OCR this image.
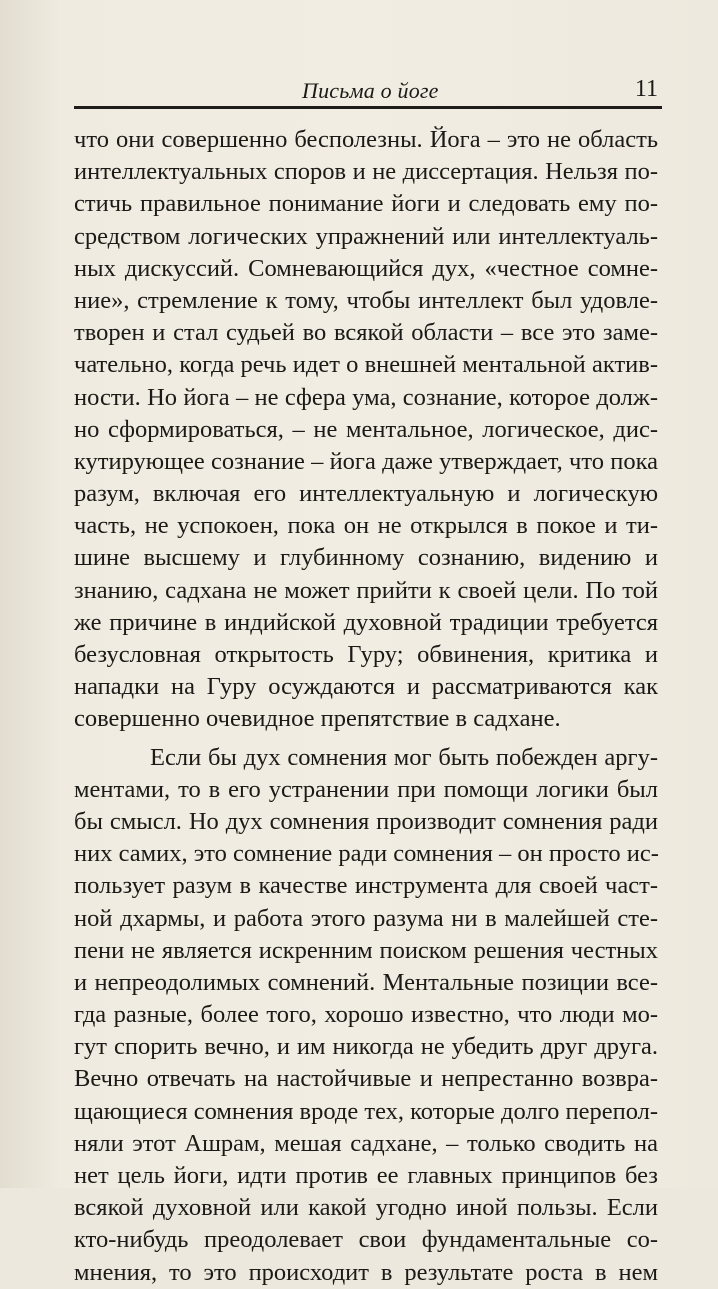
Письма о йоге	11
что они совершенно бесполезны. Йога – это не область
интеллектуальных споров и не диссертация. Нельзя по-
стичь правильное понимание йоги и следовать ему по-
средством логических упражнений или интеллектуаль-
ных дискуссий. Сомневающийся дух, «честное сомне-
ние», стремление к тому, чтобы интеллект был удовле-
творен и стал судьей во всякой области – все это заме-
чательно, когда речь идет о внешней ментальной актив-
ности. Но йога – не сфера ума, сознание, которое долж-
но сформироваться, – не ментальное, логическое, дис-
кутирующее сознание – йога даже утверждает, что пока
разум, включая его интеллектуальную и логическую
часть, не успокоен, пока он не открылся в покое и ти-
шине высшему и глубинному сознанию, видению и
знанию, садхана не может прийти к своей цели. По той
же причине в индийской духовной традиции требуется
безусловная открытость Гуру; обвинения, критика и
нападки на Гуру осуждаются и рассматриваются как
совершенно очевидное препятствие в садхане.
Если бы дух сомнения мог быть побежден аргу-
ментами, то в его устранении при помощи логики был
бы смысл. Но дух сомнения производит сомнения ради
них самих, это сомнение ради сомнения – он просто ис-
пользует разум в качестве инструмента для своей част-
ной дхармы, и работа этого разума ни в малейшей сте-
пени не является искренним поиском решения честных
и непреодолимых сомнений. Ментальные позиции все-
гда разные, более того, хорошо известно, что люди мо-
гут спорить вечно, и им никогда не убедить друг друга.
Вечно отвечать на настойчивые и непрестанно возвра-
щающиеся сомнения вроде тех, которые долго перепол-
няли этот Ашрам, мешая садхане, – только сводить на
нет цель йоги, идти против ее главных принципов без
всякой духовной или какой угодно иной пользы. Если
кто-нибудь преодолевает свои фундаментальные со-
мнения, то это происходит в результате роста в нем
